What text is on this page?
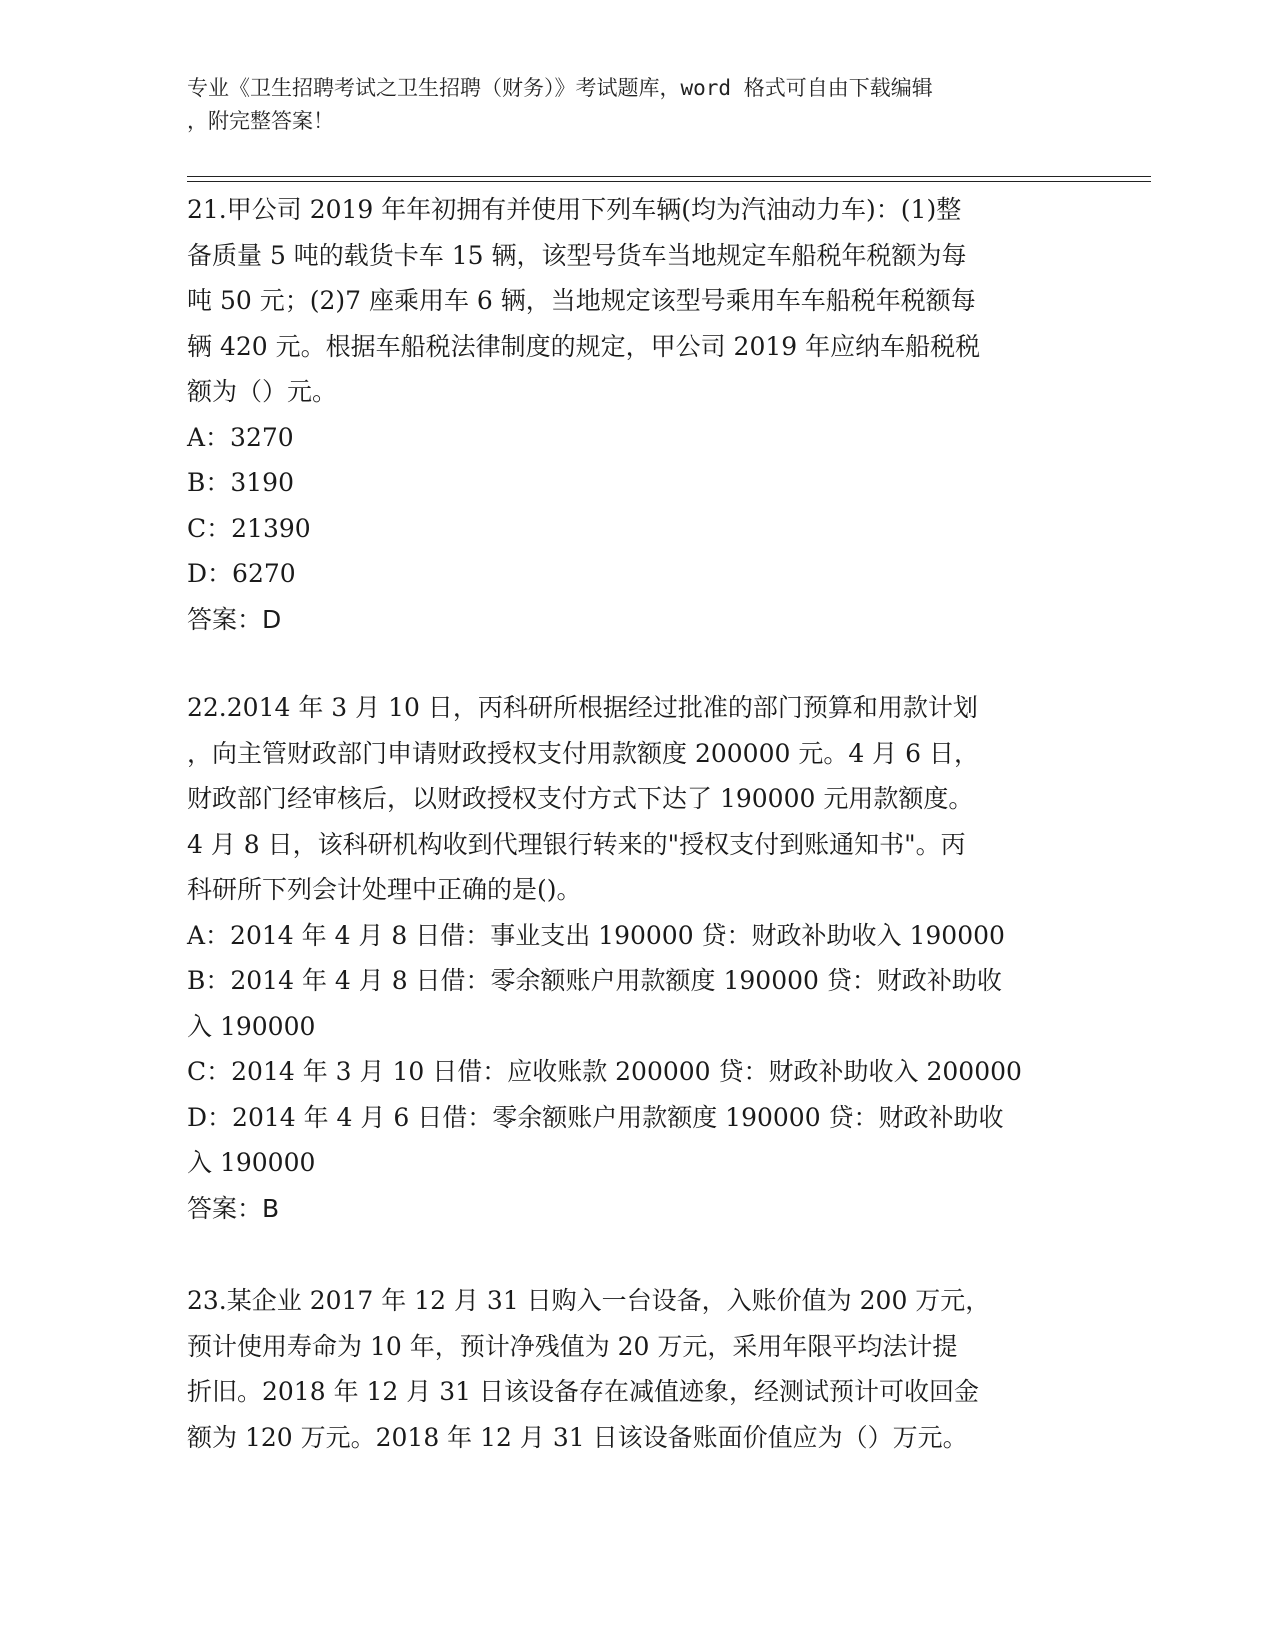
专业《卫生招聘考试之卫生招聘（财务）》考试题库，word 格式可自由下载编辑
，附完整答案！

21.甲公司 2019 年年初拥有并使用下列车辆(均为汽油动力车)：(1)整

备质量 5 吨的载货卡车 15 辆，该型号货车当地规定车船税年税额为每

吨 50 元；(2)7 座乘用车 6 辆，当地规定该型号乘用车车船税年税额每

辆 420 元。根据车船税法律制度的规定，甲公司 2019 年应纳车船税税

额为（）元。

A：3270

B：3190

C：21390

D：6270

答案：D

22.2014 年 3 月 10 日，丙科研所根据经过批准的部门预算和用款计划

，向主管财政部门申请财政授权支付用款额度 200000 元。4 月 6 日，

财政部门经审核后，以财政授权支付方式下达了 190000 元用款额度。

4 月 8 日，该科研机构收到代理银行转来的"授权支付到账通知书"。丙

科研所下列会计处理中正确的是()。

A：2014 年 4 月 8 日借：事业支出 190000 贷：财政补助收入 190000

B：2014 年 4 月 8 日借：零余额账户用款额度 190000 贷：财政补助收

入 190000

C：2014 年 3 月 10 日借：应收账款 200000 贷：财政补助收入 200000

D：2014 年 4 月 6 日借：零余额账户用款额度 190000 贷：财政补助收

入 190000

答案：B

23.某企业 2017 年 12 月 31 日购入一台设备，入账价值为 200 万元，

预计使用寿命为 10 年，预计净残值为 20 万元，采用年限平均法计提

折旧。2018 年 12 月 31 日该设备存在减值迹象，经测试预计可收回金

额为 120 万元。2018 年 12 月 31 日该设备账面价值应为（）万元。
